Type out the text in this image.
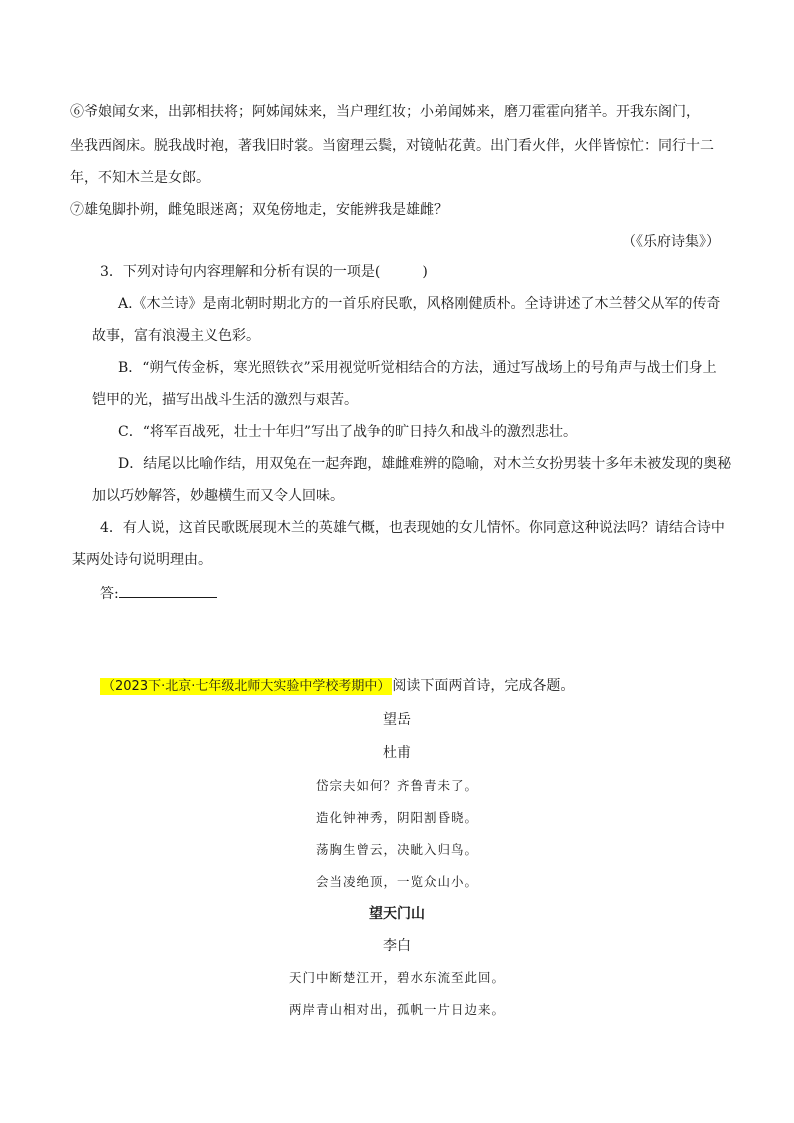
⑥爷娘闻女来，出郭相扶将；阿姊闻妹来，当户理红妆；小弟闻姊来，磨刀霍霍向猪羊。开我东阁门，
坐我西阁床。脱我战时袍，著我旧时裳。当窗理云鬓，对镜帖花黄。出门看火伴，火伴皆惊忙：同行十二
年，不知木兰是女郎。
⑦雄兔脚扑朔，雌兔眼迷离；双兔傍地走，安能辨我是雄雌？
（《乐府诗集》）
3．下列对诗句内容理解和分析有误的一项是(　　　)
A.《木兰诗》是南北朝时期北方的一首乐府民歌，风格刚健质朴。全诗讲述了木兰替父从军的传奇
故事，富有浪漫主义色彩。
B．“朔气传金柝，寒光照铁衣”采用视觉听觉相结合的方法，通过写战场上的号角声与战士们身上
铠甲的光，描写出战斗生活的激烈与艰苦。
C．“将军百战死，壮士十年归”写出了战争的旷日持久和战斗的激烈悲壮。
D．结尾以比喻作结，用双兔在一起奔跑，雄雌难辨的隐喻，对木兰女扮男装十多年未被发现的奥秘
加以巧妙解答，妙趣横生而又令人回味。
4．有人说，这首民歌既展现木兰的英雄气概，也表现她的女儿情怀。你同意这种说法吗？请结合诗中
某两处诗句说明理由。
答:
（2023下·北京·七年级北师大实验中学校考期中） 阅读下面两首诗，完成各题。
望岳
杜甫
岱宗夫如何？齐鲁青未了。
造化钟神秀，阴阳割昏晓。
荡胸生曾云，决眦入归鸟。
会当凌绝顶，一览众山小。
望天门山
李白
天门中断楚江开，碧水东流至此回。
两岸青山相对出，孤帆一片日边来。
